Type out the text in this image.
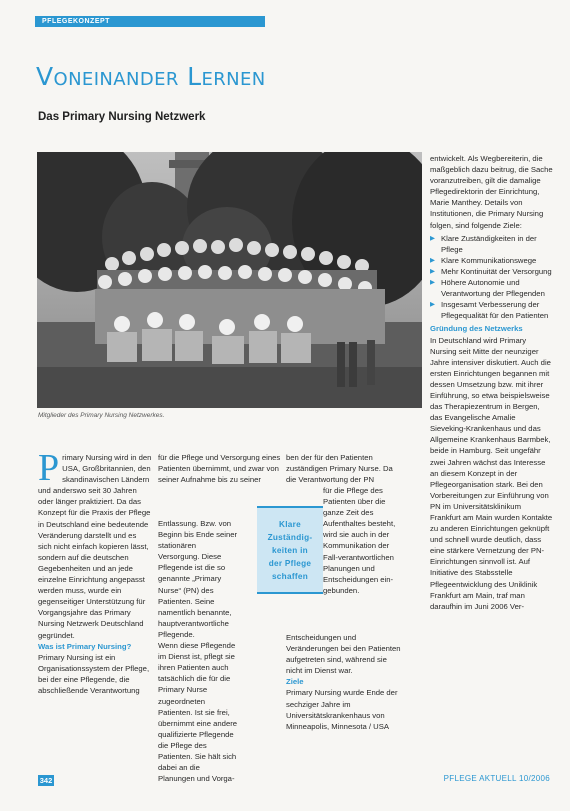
PFLEGEKONZEPT
Voneinander Lernen
Das Primary Nursing Netzwerk
Mitglieder des Primary Nursing Netzwerkes.

Primary Nursing wird in den USA, Großbritannien, den skandinavischen Ländern und anderswo seit 30 Jahren oder länger praktiziert. Da das Konzept für die Praxis der Pflege in Deutschland eine bedeutende Veränderung darstellt und es sich nicht einfach kopieren lässt, sondern auf die deutschen Gegebenheiten und an jede einzelne Einrichtung angepasst werden muss, wurde ein gegenseitiger Unterstützung für Vorgangsjahre das Primary Nursing Netzwerk Deutschland gegründet.

Was ist Primary Nursing?

Primary Nursing ist ein Organisationssystem der Pflege, bei der eine Pflegende, die abschließende Verantwortung

für die Pflege und Versorgung eines Patienten übernimmt, und zwar von seiner Aufnahme bis zu seiner

Entlassung. Bzw. von Beginn bis Ende seiner stationären Versorgung. Diese Pflegende ist die so genannte „Primary Nurse“ (PN) des Patienten. Seine namentlich benannte, hauptverantwortliche Pflegende.
Wenn diese Pflegende im Dienst ist, pflegt sie ihren Patienten auch tatsächlich die für die Primary Nurse zugeordneten Patienten. Ist sie frei, übernimmt eine andere qualifizierte Pflegende die Pflege des Patienten. Sie hält sich dabei an die Planungen und Vorga-

Klare
Zuständig-
keiten in
der Pflege
schaffen

ben der für den Patienten zuständigen Primary Nurse. Da die Verantwortung der PN

für die Pflege des Patienten über die ganze Zeit des Aufenthaltes besteht, wird sie auch in der Kommunikation der Fall-verantwortlichen Planungen und Entscheidungen ein- gebunden.

Entscheidungen und Veränderungen bei den Patienten aufgetreten sind, während sie nicht im Dienst war.

Ziele

Primary Nursing wurde Ende der sechziger Jahre im Universitätskrankenhaus von Minneapolis, Minnesota / USA

entwickelt. Als Wegbereiterin, die maßgeblich dazu beitrug, die Sache voranzutreiben, gilt die damalige Pflegedirektorin der Einrichtung, Marie Manthey. Details von Institutionen, die Primary Nursing folgen, sind folgende Ziele:

▶ Klare Zuständigkeiten in der Pflege
▶ Klare Kommunikationswege
▶ Mehr Kontinuität der Versorgung
▶ Höhere Autonomie und Verantwortung der Pflegenden
▶ Insgesamt Verbesserung der Pflegequalität für den Patienten

Gründung des Netzwerks

In Deutschland wird Primary Nursing seit Mitte der neunziger Jahre intensiver diskutiert. Auch die ersten Einrichtungen begannen mit dessen Umsetzung bzw. mit ihrer Einführung, so etwa beispielsweise das Therapiezentrum in Bergen, das Evangelische Amalie Sieveking-Krankenhaus und das Allgemeine Krankenhaus Barmbek, beide in Hamburg. Seit ungefähr zwei Jahren wächst das Interesse an diesem Konzept in der Pflegeorganisation stark. Bei den Vorbereitungen zur Einführung von PN im Universitätsklinikum Frankfurt am Main wurden Kontakte zu anderen Einrichtungen geknüpft und schnell wurde deutlich, dass eine stärkere Vernetzung der PN-Einrichtungen sinnvoll ist. Auf Initiative des Stabsstelle Pflegeentwicklung des Uniklinik Frankfurt am Main, traf man daraufhin im Juni 2006 Ver-

342	PFLEGE AKTUELL 10/2006
